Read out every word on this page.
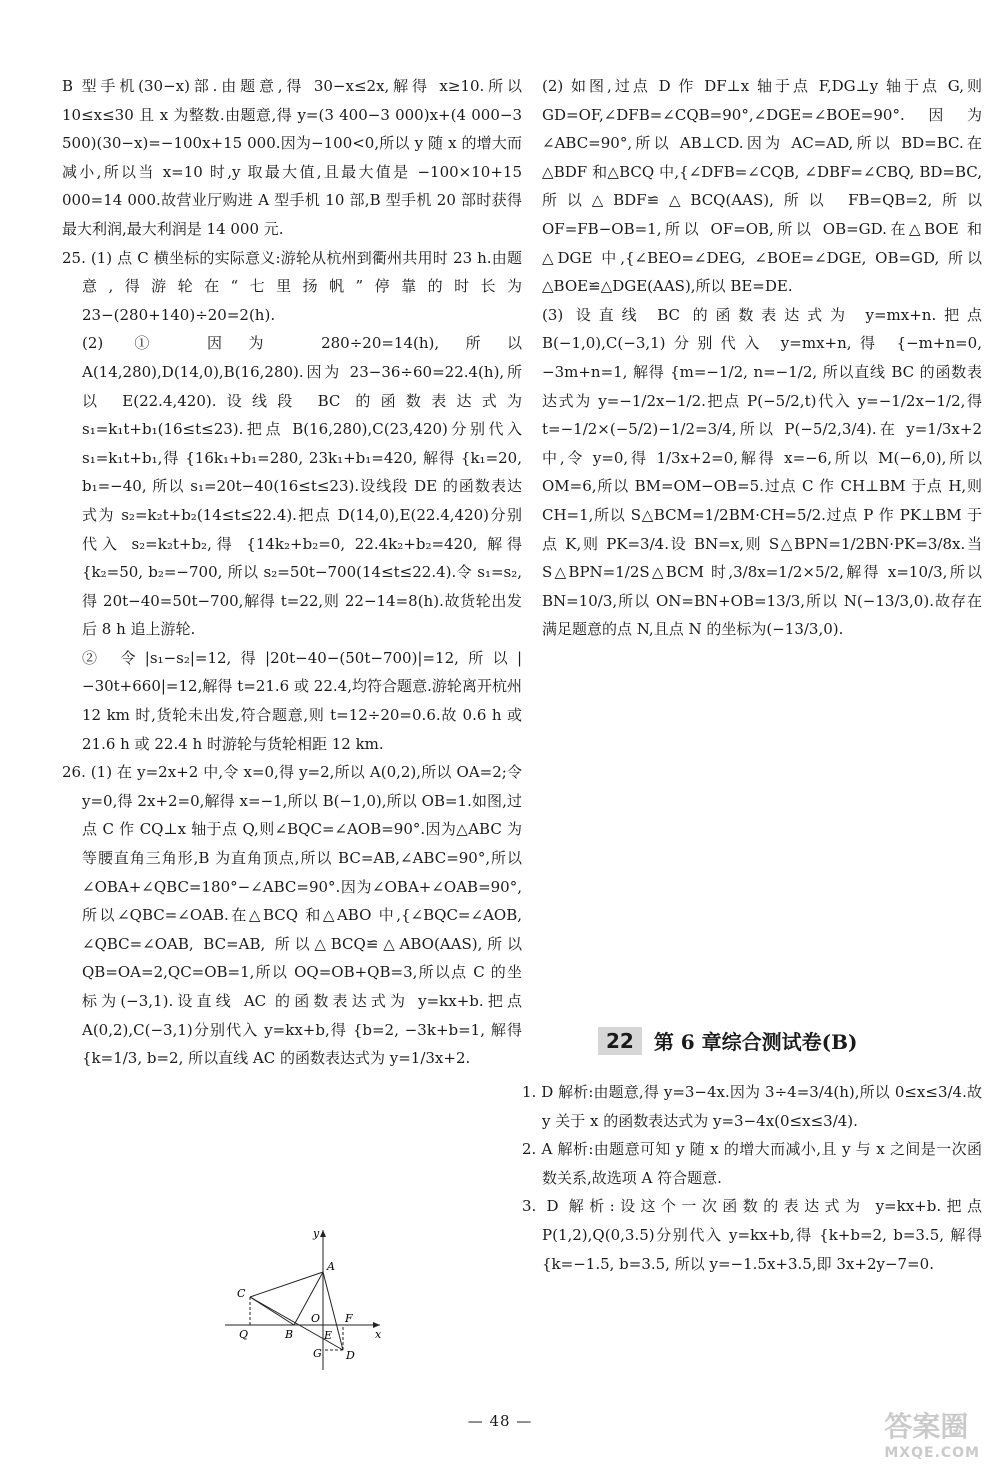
B 型手机(30−x)部.由题意,得 30−x≤2x,解得 x≥10.所以 10≤x≤30 且 x 为整数.由题意,得 y=(3 400−3 000)x+(4 000−3 500)(30−x)=−100x+15 000.因为−100<0,所以 y 随 x 的增大而减小,所以当 x=10 时,y 取最大值,且最大值是 −100×10+15 000=14 000.故营业厅购进 A 型手机 10 部,B 型手机 20 部时获得最大利润,最大利润是 14 000 元.

25. (1) 点 C 横坐标的实际意义:游轮从杭州到衢州共用时 23 h.由题意,得游轮在“七里扬帆”停靠的时长为 23−(280+140)÷20=2(h).

(2) ① 因为 280÷20=14(h),所以 A(14,280),D(14,0),B(16,280).因为 23−36÷60=22.4(h),所以 E(22.4,420).设线段 BC 的函数表达式为 s₁=k₁t+b₁(16≤t≤23).把点 B(16,280),C(23,420)分别代入 s₁=k₁t+b₁,得 {16k₁+b₁=280, 23k₁+b₁=420, 解得 {k₁=20, b₁=−40, 所以 s₁=20t−40(16≤t≤23).设线段 DE 的函数表达式为 s₂=k₂t+b₂(14≤t≤22.4).把点 D(14,0),E(22.4,420)分别代入 s₂=k₂t+b₂,得 {14k₂+b₂=0, 22.4k₂+b₂=420, 解得 {k₂=50, b₂=−700, 所以 s₂=50t−700(14≤t≤22.4).令 s₁=s₂,得 20t−40=50t−700,解得 t=22,则 22−14=8(h).故货轮出发后 8 h 追上游轮.

② 令|s₁−s₂|=12,得|20t−40−(50t−700)|=12,所以|−30t+660|=12,解得 t=21.6 或 22.4,均符合题意.游轮离开杭州 12 km 时,货轮未出发,符合题意,则 t=12÷20=0.6.故 0.6 h 或 21.6 h 或 22.4 h 时游轮与货轮相距 12 km.

26. (1) 在 y=2x+2 中,令 x=0,得 y=2,所以 A(0,2),所以 OA=2;令 y=0,得 2x+2=0,解得 x=−1,所以 B(−1,0),所以 OB=1.如图,过点 C 作 CQ⊥x 轴于点 Q,则∠BQC=∠AOB=90°.因为△ABC 为等腰直角三角形,B 为直角顶点,所以 BC=AB,∠ABC=90°,所以∠OBA+∠QBC=180°−∠ABC=90°.因为∠OBA+∠OAB=90°,所以∠QBC=∠OAB.在△BCQ 和△ABO 中,{∠BQC=∠AOB, ∠QBC=∠OAB, BC=AB, 所以△BCQ≌△ABO(AAS),所以 QB=OA=2,QC=OB=1,所以 OQ=OB+QB=3,所以点 C 的坐标为(−3,1).设直线 AC 的函数表达式为 y=kx+b.把点 A(0,2),C(−3,1)分别代入 y=kx+b,得 {b=2, −3k+b=1, 解得 {k=1/3, b=2, 所以直线 AC 的函数表达式为 y=1/3x+2.

y
x
A
C
Q	B
O F
E
G D

(2) 如图,过点 D 作 DF⊥x 轴于点 F,DG⊥y 轴于点 G,则 GD=OF,∠DFB=∠CQB=90°,∠DGE=∠BOE=90°.因为∠ABC=90°,所以 AB⊥CD.因为 AC=AD,所以 BD=BC.在△BDF 和△BCQ 中,{∠DFB=∠CQB, ∠DBF=∠CBQ, BD=BC, 所以△BDF≌△BCQ(AAS),所以 FB=QB=2,所以 OF=FB−OB=1,所以 OF=OB,所以 OB=GD.在△BOE 和△DGE 中,{∠BEO=∠DEG, ∠BOE=∠DGE, OB=GD, 所以△BOE≌△DGE(AAS),所以 BE=DE.

(3) 设直线 BC 的函数表达式为 y=mx+n.把点 B(−1,0),C(−3,1)分别代入 y=mx+n,得 {−m+n=0, −3m+n=1, 解得 {m=−1/2, n=−1/2, 所以直线 BC 的函数表达式为 y=−1/2x−1/2.把点 P(−5/2,t)代入 y=−1/2x−1/2,得 t=−1/2×(−5/2)−1/2=3/4,所以 P(−5/2,3/4).在 y=1/3x+2 中,令 y=0,得 1/3x+2=0,解得 x=−6,所以 M(−6,0),所以 OM=6,所以 BM=OM−OB=5.过点 C 作 CH⊥BM 于点 H,则 CH=1,所以 S△BCM=1/2BM·CH=5/2.过点 P 作 PK⊥BM 于点 K,则 PK=3/4.设 BN=x,则 S△BPN=1/2BN·PK=3/8x.当 S△BPN=1/2S△BCM 时,3/8x=1/2×5/2,解得 x=10/3,所以 BN=10/3,所以 ON=BN+OB=13/3,所以 N(−13/3,0).故存在满足题意的点 N,且点 N 的坐标为(−13/3,0).

22	第 6 章综合测试卷(B)

1. D 解析:由题意,得 y=3−4x.因为 3÷4=3/4(h),所以 0≤x≤3/4.故 y 关于 x 的函数表达式为 y=3−4x(0≤x≤3/4).

2. A 解析:由题意可知 y 随 x 的增大而减小,且 y 与 x 之间是一次函数关系,故选项 A 符合题意.

3. D 解析:设这个一次函数的表达式为 y=kx+b.把点 P(1,2),Q(0,3.5)分别代入 y=kx+b,得 {k+b=2, b=3.5, 解得 {k=−1.5, b=3.5, 所以 y=−1.5x+3.5,即 3x+2y−7=0.

— 48 —	答案圈
MXQE.COM
